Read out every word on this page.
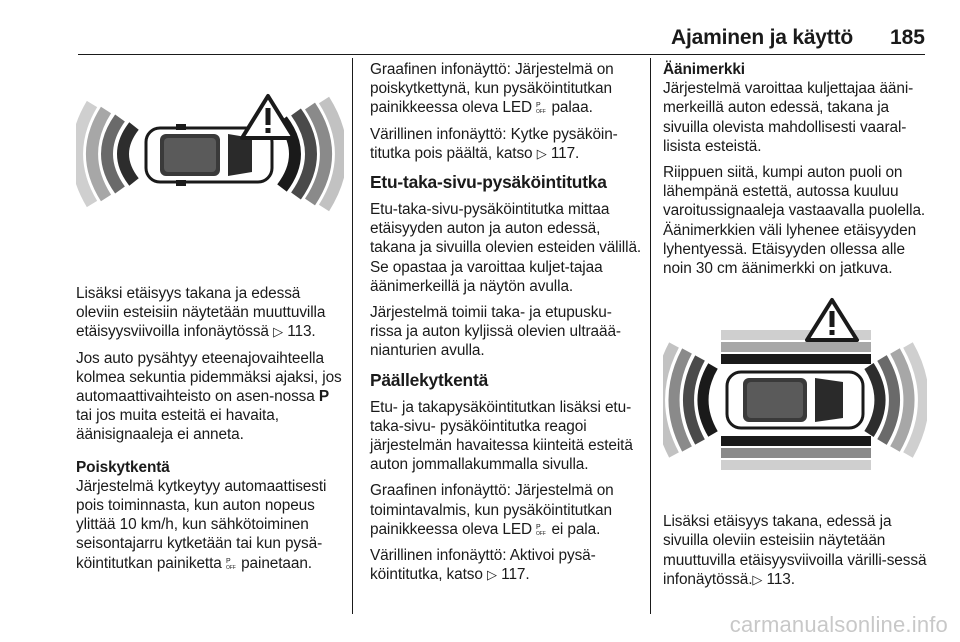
Ajaminen ja käyttö 185

Lisäksi etäisyys takana ja edessä oleviin esteisiin näytetään muuttuvilla etäisyysviivoilla infonäytössä ▷ 113.

Jos auto pysähtyy eteenajovaihteella kolmea sekuntia pidemmäksi ajaksi, jos automaattivaihteisto on asen-nossa P tai jos muita esteitä ei havaita, äänisignaaleja ei anneta.

Poiskytkentä

Järjestelmä kytkeytyy automaattisesti pois toiminnasta, kun auton nopeus ylittää 10 km/h, kun sähkötoiminen seisontajarru kytketään tai kun pysä-köintitutkan painiketta P
OFF painetaan.

Graafinen infonäyttö: Järjestelmä on poiskytkettynä, kun pysäköintitutkan painikkeessa oleva LED P
OFF palaa.

Värillinen infonäyttö: Kytke pysäköin-titutka pois päältä, katso ▷ 117.

Etu-taka-sivu-pysäköintitutka

Etu-taka-sivu-pysäköintitutka mittaa etäisyyden auton ja auton edessä, takana ja sivuilla olevien esteiden välillä. Se opastaa ja varoittaa kuljet-tajaa äänimerkeillä ja näytön avulla.

Järjestelmä toimii taka- ja etupusku-rissa ja auton kyljissä olevien ultraää-nianturien avulla.

Päällekytkentä

Etu- ja takapysäköintitutkan lisäksi etu-taka-sivu- pysäköintitutka reagoi järjestelmän havaitessa kiinteitä esteitä auton jommallakummalla sivulla.

Graafinen infonäyttö: Järjestelmä on toimintavalmis, kun pysäköintitutkan painikkeessa oleva LED P
OFF ei pala.

Värillinen infonäyttö: Aktivoi pysä-köintitutka, katso ▷ 117.

Äänimerkki

Järjestelmä varoittaa kuljettajaa ääni-merkeillä auton edessä, takana ja sivuilla olevista mahdollisesti vaaral-lisista esteistä.

Riippuen siitä, kumpi auton puoli on lähempänä estettä, autossa kuuluu varoitussignaaleja vastaavalla puolella. Äänimerkkien väli lyhenee etäisyyden lyhentyessä. Etäisyyden ollessa alle noin 30 cm äänimerkki on jatkuva.

Lisäksi etäisyys takana, edessä ja sivuilla oleviin esteisiin näytetään muuttuvilla etäisyysviivoilla värilli-sessä infonäytössä.▷ 113.

carmanualsonline.info
